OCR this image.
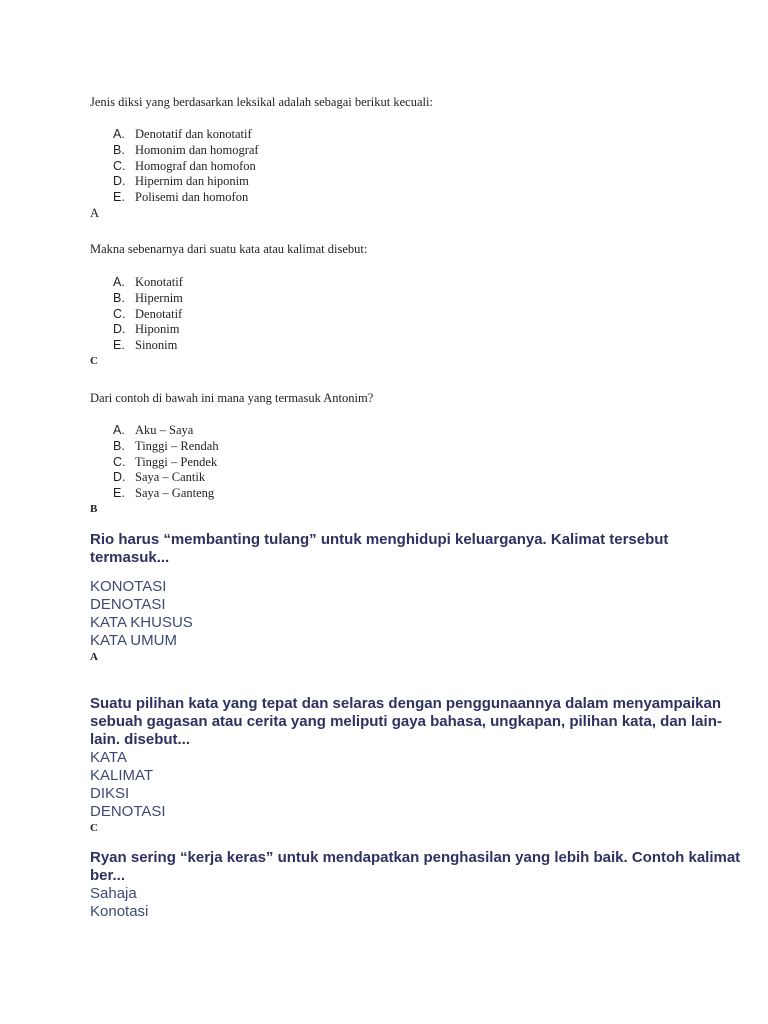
Jenis diksi yang berdasarkan leksikal adalah sebagai berikut kecuali:

A. Denotatif dan konotatif
B. Homonim dan homograf
C. Homograf dan homofon
D. Hipernim dan hiponim
E. Polisemi dan homofon
A

Makna sebenarnya dari suatu kata atau kalimat disebut:

A. Konotatif
B. Hipernim
C. Denotatif
D. Hiponim
E. Sinonim
C

Dari contoh di bawah ini mana yang termasuk Antonim?

A. Aku – Saya
B. Tinggi – Rendah
C. Tinggi – Pendek
D. Saya – Cantik
E. Saya – Ganteng
B

Rio harus “membanting tulang” untuk menghidupi keluarganya. Kalimat tersebut termasuk...

KONOTASI
DENOTASI
KATA KHUSUS
KATA UMUM
A

Suatu pilihan kata yang tepat dan selaras dengan penggunaannya dalam menyampaikan sebuah gagasan atau cerita yang meliputi gaya bahasa, ungkapan, pilihan kata, dan lain-lain. disebut...

KATA
KALIMAT
DIKSI
DENOTASI
C

Ryan sering “kerja keras” untuk mendapatkan penghasilan yang lebih baik. Contoh kalimat ber...

Sahaja
Konotasi
